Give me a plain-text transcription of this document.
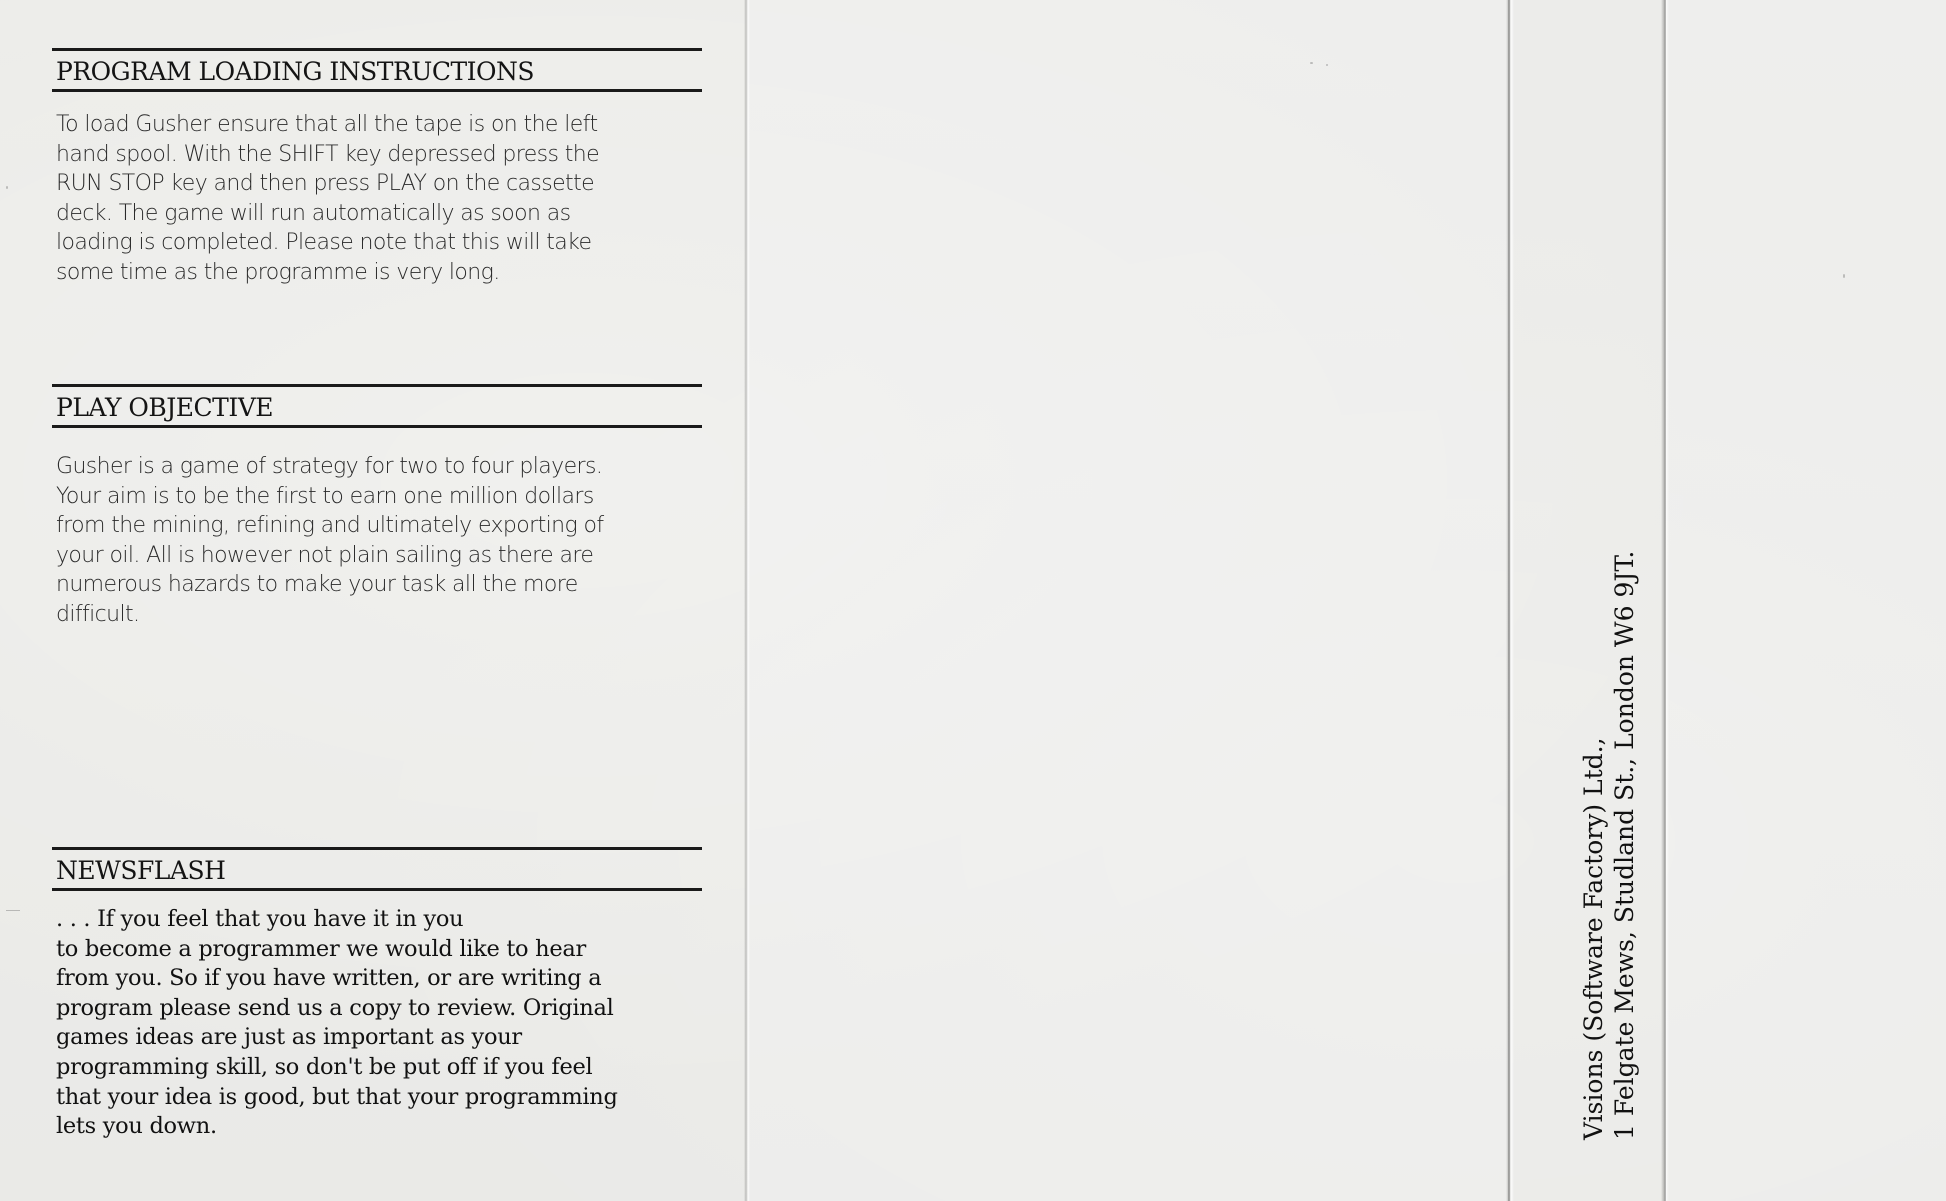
PROGRAM LOADING INSTRUCTIONS
To load Gusher ensure that all the tape is on the left
hand spool. With the SHIFT key depressed press the
RUN STOP key and then press PLAY on the cassette
deck. The game will run automatically as soon as
loading is completed. Please note that this will take
some time as the programme is very long.
PLAY OBJECTIVE
Gusher is a game of strategy for two to four players.
Your aim is to be the first to earn one million dollars
from the mining, refining and ultimately exporting of
your oil. All is however not plain sailing as there are
numerous hazards to make your task all the more
difficult.
NEWSFLASH
. . . If you feel that you have it in you
to become a programmer we would like to hear
from you. So if you have written, or are writing a
program please send us a copy to review. Original
games ideas are just as important as your
programming skill, so don't be put off if you feel
that your idea is good, but that your programming
lets you down.	Visions (Software Factory) Ltd., 1 Felgate Mews, Studland St., London W6 9JT.
